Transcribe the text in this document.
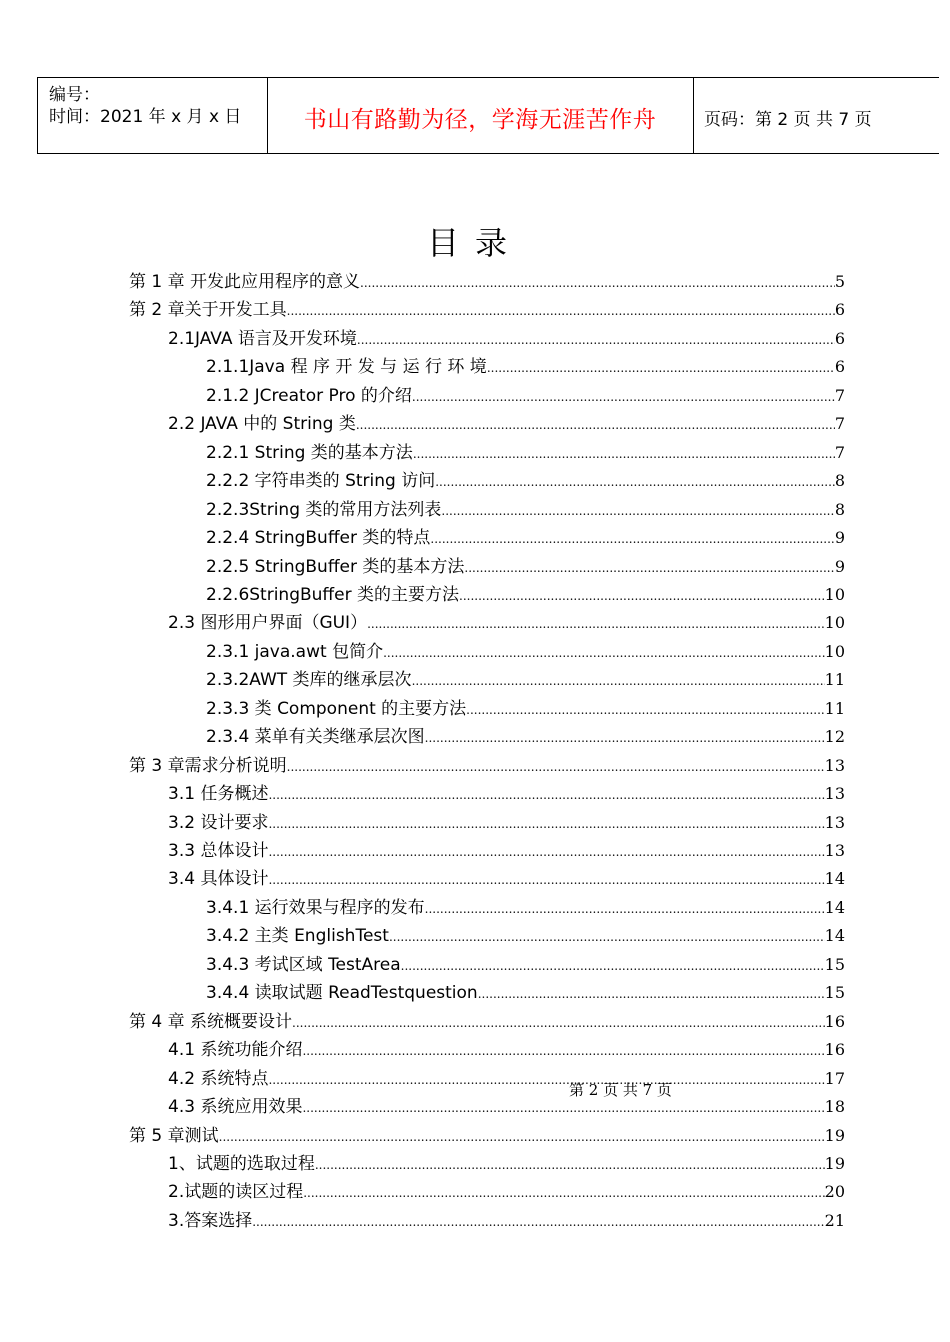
编号：
时间：2021 年 x 月 x 日	书山有路勤为径，学海无涯苦作舟	页码：第 2 页 共 7 页
目录
第 1 章 开发此应用程序的意义 .....	5
第 2 章关于开发工具 .....	6
2.1JAVA 语言及开发环境 .....	6
2.1.1Java 程 序 开 发 与 运 行 环 境 .....	6
2.1.2 JCreator Pro 的介绍 .....	7
2.2 JAVA 中的 String 类 .....	7
2.2.1 String 类的基本方法 .....	7
2.2.2 字符串类的 String 访问 .....	8
2.2.3String 类的常用方法列表 .....	8
2.2.4 StringBuffer 类的特点 .....	9
2.2.5 StringBuffer 类的基本方法 .....	9
2.2.6StringBuffer 类的主要方法 .....	10
2.3 图形用户界面（GUI） .....	10
2.3.1 java.awt 包简介 .....	10
2.3.2AWT 类库的继承层次 .....	11
2.3.3 类 Component 的主要方法 .....	11
2.3.4 菜单有关类继承层次图 .....	12
第 3 章需求分析说明 .....	13
3.1 任务概述 .....	13
3.2 设计要求 .....	13
3.3 总体设计 .....	13
3.4 具体设计 .....	14
3.4.1 运行效果与程序的发布 .....	14
3.4.2 主类 EnglishTest .....	14
3.4.3 考试区域 TestArea .....	15
3.4.4 读取试题 ReadTestquestion .....	15
第 4 章 系统概要设计 .....	16
4.1 系统功能介绍 .....	16
4.2 系统特点 .....	17
4.3 系统应用效果 .....	18
第 5 章测试 .....	19
1、试题的选取过程 .....	19
2.试题的读区过程 .....	20
3.答案选择 .....	21
第 2 页 共 7 页
